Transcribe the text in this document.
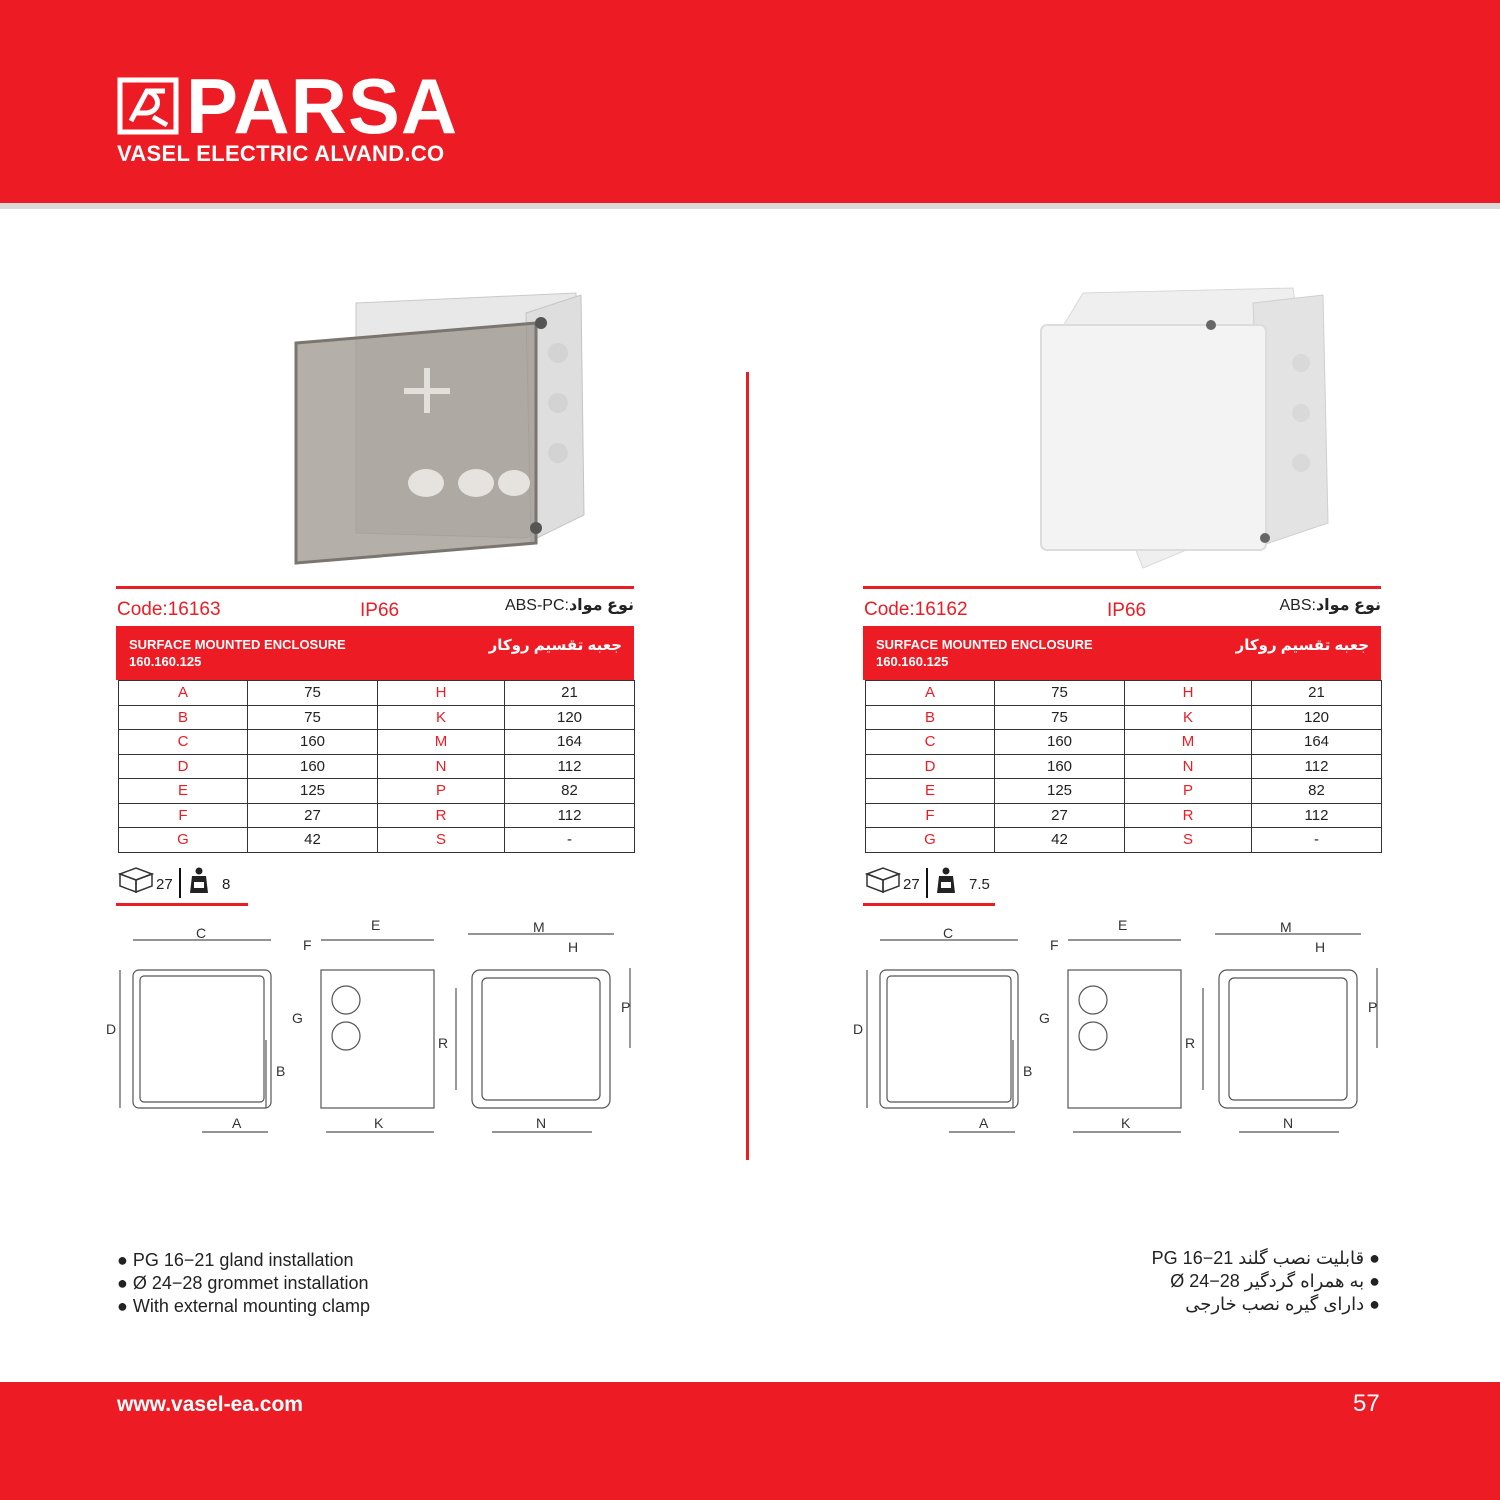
PARSA
VASEL ELECTRIC ALVAND.CO
Code:16163	IP66	ABS-PC:نوع مواد
SURFACE MOUNTED ENCLOSURE
160.160.125
جعبه تقسیم روکار
A	75	H	21
B	75	K	120
C	160	M	164
D	160	N	112
E	125	P	82
F	27	R	112
G	42	S	-
27	8
C
D
B
A
E
F
G
K
M
H
R
P
N
Code:16162	IP66	ABS:نوع مواد
SURFACE MOUNTED ENCLOSURE
160.160.125
جعبه تقسیم روکار
A	75	H	21
B	75	K	120
C	160	M	164
D	160	N	112
E	125	P	82
F	27	R	112
G	42	S	-
27	7.5
C
D
B
A
E
F
G
K
M
H
R
P
N
● PG 16−21 gland installation
● Ø 24−28 grommet installation
● With external mounting clamp
PG 16−21 قابلیت نصب گلند ●
Ø 24−28 به همراه گردگیر ●
دارای گیره نصب خارجی ●
www.vasel-ea.com	57
